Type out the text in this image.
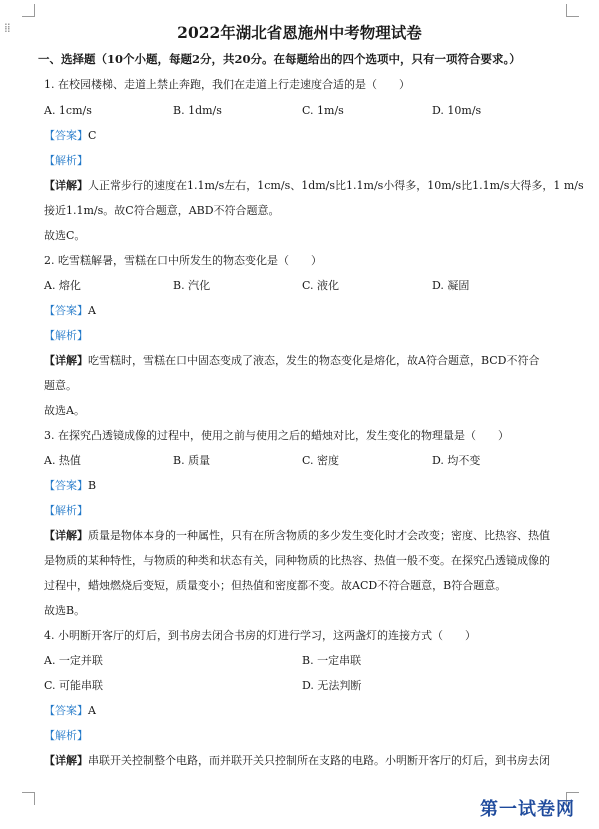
⁞⁞	2022年湖北省恩施州中考物理试卷
一、选择题（10个小题，每题2分，共20分。在每题给出的四个选项中，只有一项符合要求。）
1. 在校园楼梯、走道上禁止奔跑，我们在走道上行走速度合适的是（　　）
A. 1cm/s	B. 1dm/s	C. 1m/s	D. 10m/s
【答案】C
【解析】
【详解】人正常步行的速度在1.1m/s左右，1cm/s、1dm/s比1.1m/s小得多，10m/s比1.1m/s大得多，1 m/s
接近1.1m/s。故C符合题意，ABD不符合题意。
故选C。
2. 吃雪糕解暑，雪糕在口中所发生的物态变化是（　　）
A. 熔化	B. 汽化	C. 液化	D. 凝固
【答案】A
【解析】
【详解】吃雪糕时，雪糕在口中固态变成了液态，发生的物态变化是熔化，故A符合题意，BCD不符合
题意。
故选A。
3. 在探究凸透镜成像的过程中，使用之前与使用之后的蜡烛对比，发生变化的物理量是（　　）
A. 热值	B. 质量	C. 密度	D. 均不变
【答案】B
【解析】
【详解】质量是物体本身的一种属性，只有在所含物质的多少发生变化时才会改变；密度、比热容、热值
是物质的某种特性，与物质的种类和状态有关，同种物质的比热容、热值一般不变。在探究凸透镜成像的
过程中，蜡烛燃烧后变短，质量变小；但热值和密度都不变。故ACD不符合题意，B符合题意。
故选B。
4. 小明断开客厅的灯后，到书房去闭合书房的灯进行学习，这两盏灯的连接方式（　　）
A. 一定并联	B. 一定串联
C. 可能串联	D. 无法判断
【答案】A
【解析】
【详解】串联开关控制整个电路，而并联开关只控制所在支路的电路。小明断开客厅的灯后，到书房去闭
第一试卷网
